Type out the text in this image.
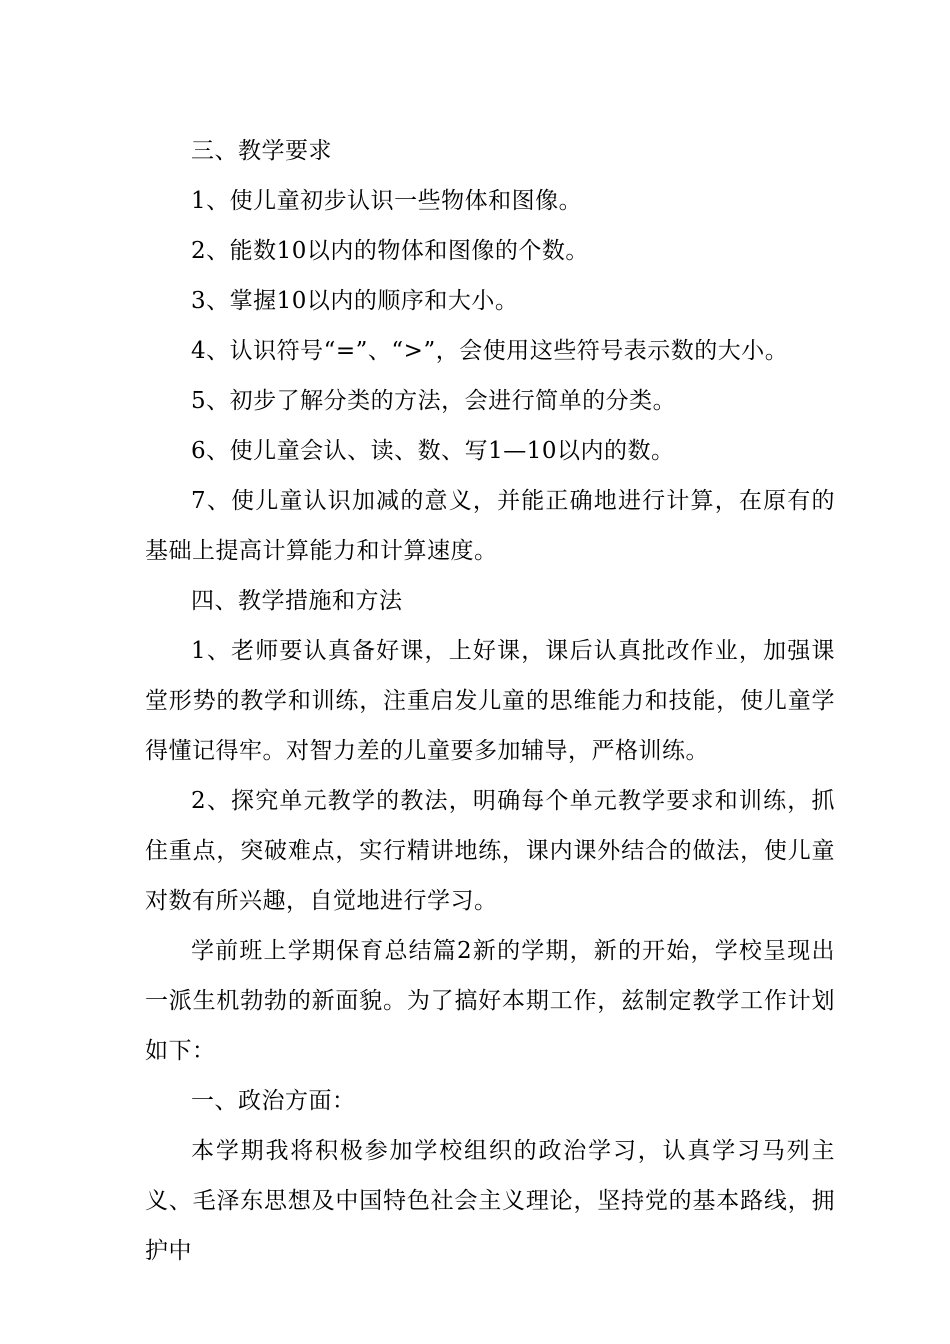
三、教学要求

1、使儿童初步认识一些物体和图像。

2、能数10以内的物体和图像的个数。

3、掌握10以内的顺序和大小。

4、认识符号“=”、“>”，会使用这些符号表示数的大小。

5、初步了解分类的方法，会进行简单的分类。

6、使儿童会认、读、数、写1—10以内的数。

7、使儿童认识加减的意义，并能正确地进行计算，在原有的基础上提高计算能力和计算速度。

四、教学措施和方法

1、老师要认真备好课，上好课，课后认真批改作业，加强课堂形势的教学和训练，注重启发儿童的思维能力和技能，使儿童学得懂记得牢。对智力差的儿童要多加辅导，严格训练。

2、探究单元教学的教法，明确每个单元教学要求和训练，抓住重点，突破难点，实行精讲地练，课内课外结合的做法，使儿童对数有所兴趣，自觉地进行学习。

学前班上学期保育总结篇2新的学期，新的开始，学校呈现出一派生机勃勃的新面貌。为了搞好本期工作，兹制定教学工作计划如下：

一、政治方面：

本学期我将积极参加学校组织的政治学习，认真学习马列主义、毛泽东思想及中国特色社会主义理论，坚持党的基本路线，拥护中
